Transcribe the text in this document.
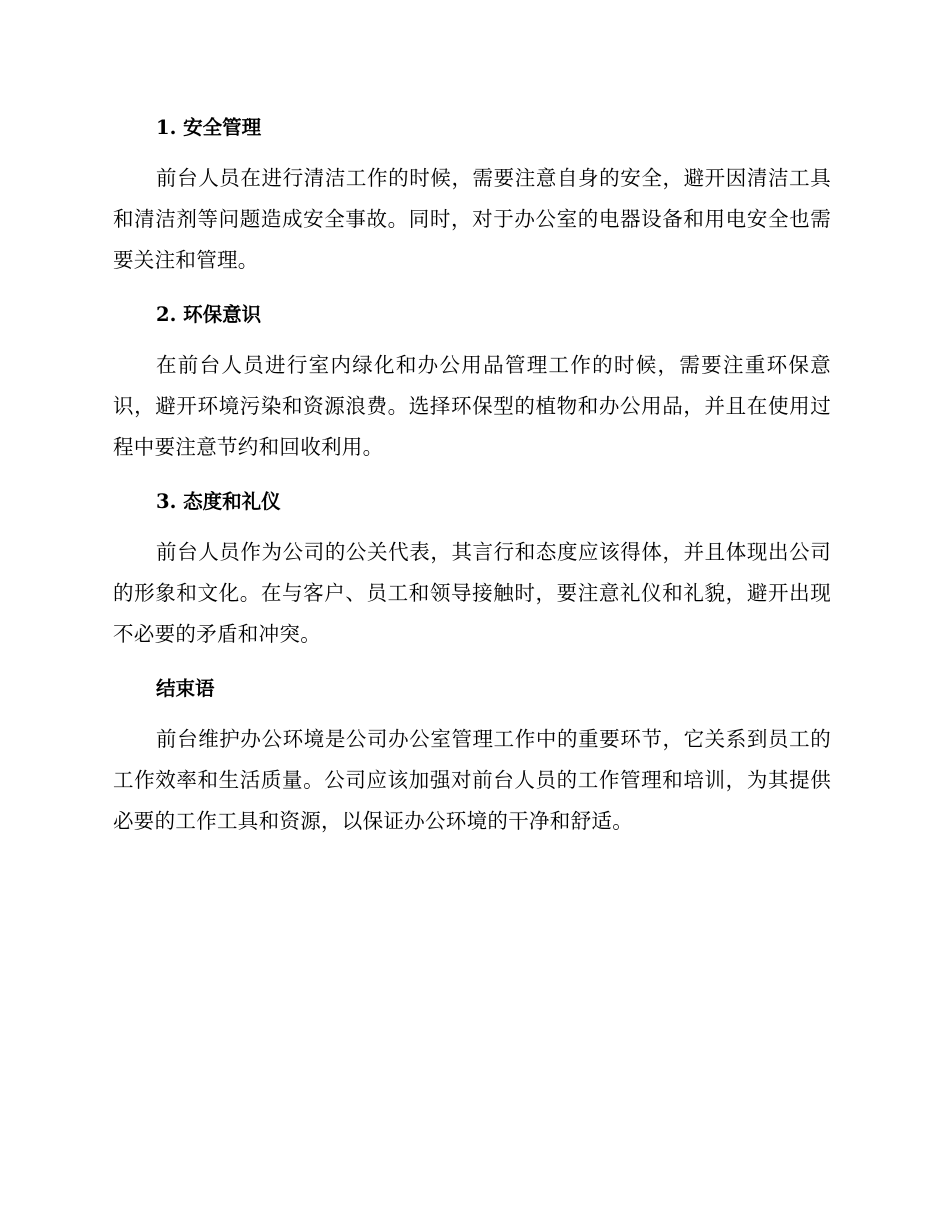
1. 安全管理

前台人员在进行清洁工作的时候，需要注意自身的安全，避开因清洁工具和清洁剂等问题造成安全事故。同时，对于办公室的电器设备和用电安全也需要关注和管理。

2. 环保意识

在前台人员进行室内绿化和办公用品管理工作的时候，需要注重环保意识，避开环境污染和资源浪费。选择环保型的植物和办公用品，并且在使用过程中要注意节约和回收利用。

3. 态度和礼仪

前台人员作为公司的公关代表，其言行和态度应该得体，并且体现出公司的形象和文化。在与客户、员工和领导接触时，要注意礼仪和礼貌，避开出现不必要的矛盾和冲突。

结束语

前台维护办公环境是公司办公室管理工作中的重要环节，它关系到员工的工作效率和生活质量。公司应该加强对前台人员的工作管理和培训，为其提供必要的工作工具和资源，以保证办公环境的干净和舒适。
